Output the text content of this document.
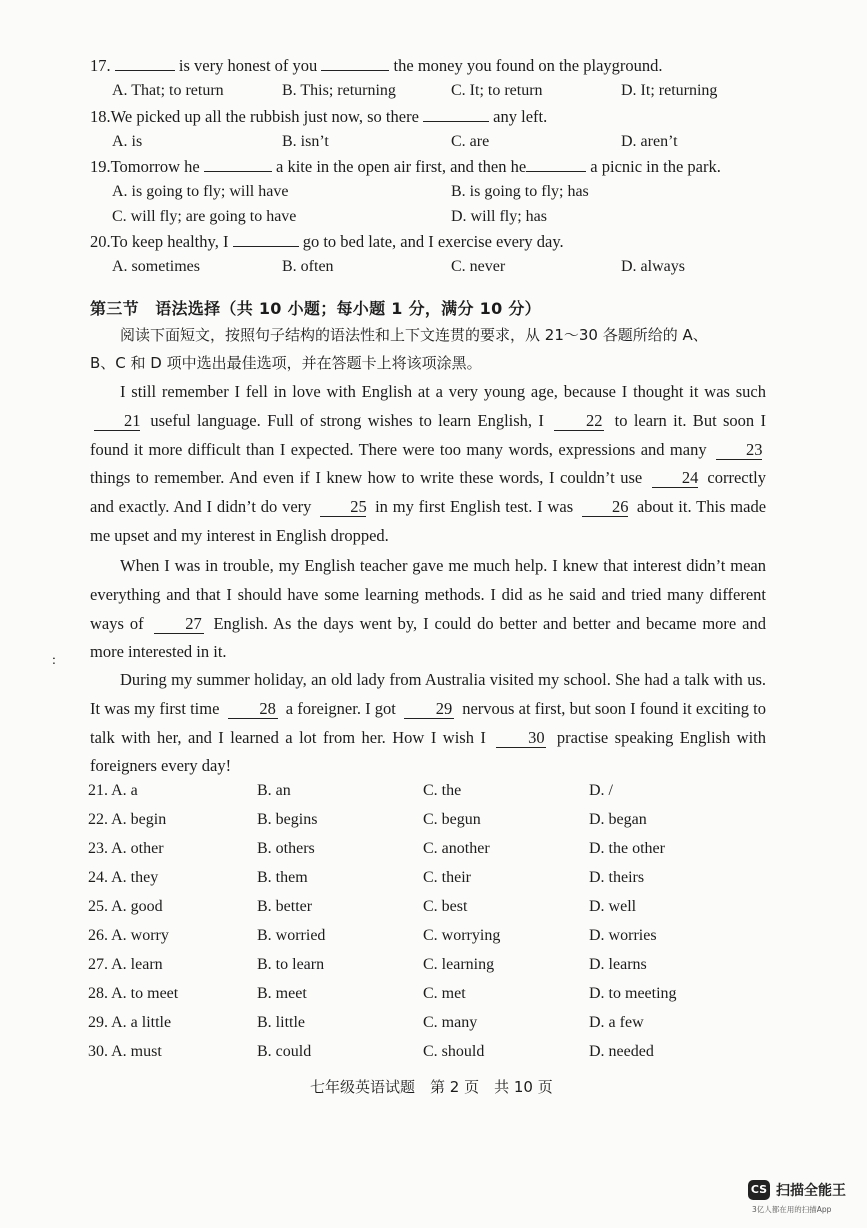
17.	is very honest of you	the money you found on the playground.
A. That; to return	B. This; returning	C. It; to return	D. It; returning
18.We picked up all the rubbish just now, so there	any left.
A. is	B. isn’t	C. are	D. aren’t
19.Tomorrow he	a kite in the open air first, and then he	a picnic in the park.
A. is going to fly; will have	B. is going to fly; has
C. will fly; are going to have	D. will fly; has
20.To keep healthy, I	go to bed late, and I exercise every day.
A. sometimes	B. often	C. never	D. always
第三节　语法选择（共 10 小题；每小题 1 分，满分 10 分）
阅读下面短文，按照句子结构的语法性和上下文连贯的要求，从 21～30 各题所给的 A、
B、C 和 D 项中选出最佳选项，并在答题卡上将该项涂黑。
I still remember I fell in love with English at a very young age, because I thought it was such 21 useful language. Full of strong wishes to learn English, I	22 to learn it. But soon I found it more difficult than I expected. There were too many words, expressions and many 23 things to remember. And even if I knew how to write these words, I couldn’t use 24 correctly and exactly. And I didn’t do very 25 in my first English test. I was 26 about it. This made me upset and my interest in English dropped.
When I was in trouble, my English teacher gave me much help. I knew that interest didn’t mean everything and that I should have some learning methods. I did as he said and tried many different ways of	27 English. As the days went by, I could do better and better and became more and more interested in it.
During my summer holiday, an old lady from Australia visited my school. She had a talk with us. It was my first time 28 a foreigner. I got 29 nervous at first, but soon I found it exciting to talk with her, and I learned a lot from her. How I wish I	30 practise speaking English with foreigners every day!
21. A. a	B. an	C. the	D. /
22. A. begin	B. begins	C. begun	D. began
23. A. other	B. others	C. another	D. the other
24. A. they	B. them	C. their	D. theirs
25. A. good	B. better	C. best	D. well
26. A. worry	B. worried	C. worrying	D. worries
27. A. learn	B. to learn	C. learning	D. learns
28. A. to meet	B. meet	C. met	D. to meeting
29. A. a little	B. little	C. many	D. a few
30. A. must	B. could	C. should	D. needed
:
七年级英语试题　第 2 页　共 10 页
CS 扫描全能王
3亿人都在用的扫描App
